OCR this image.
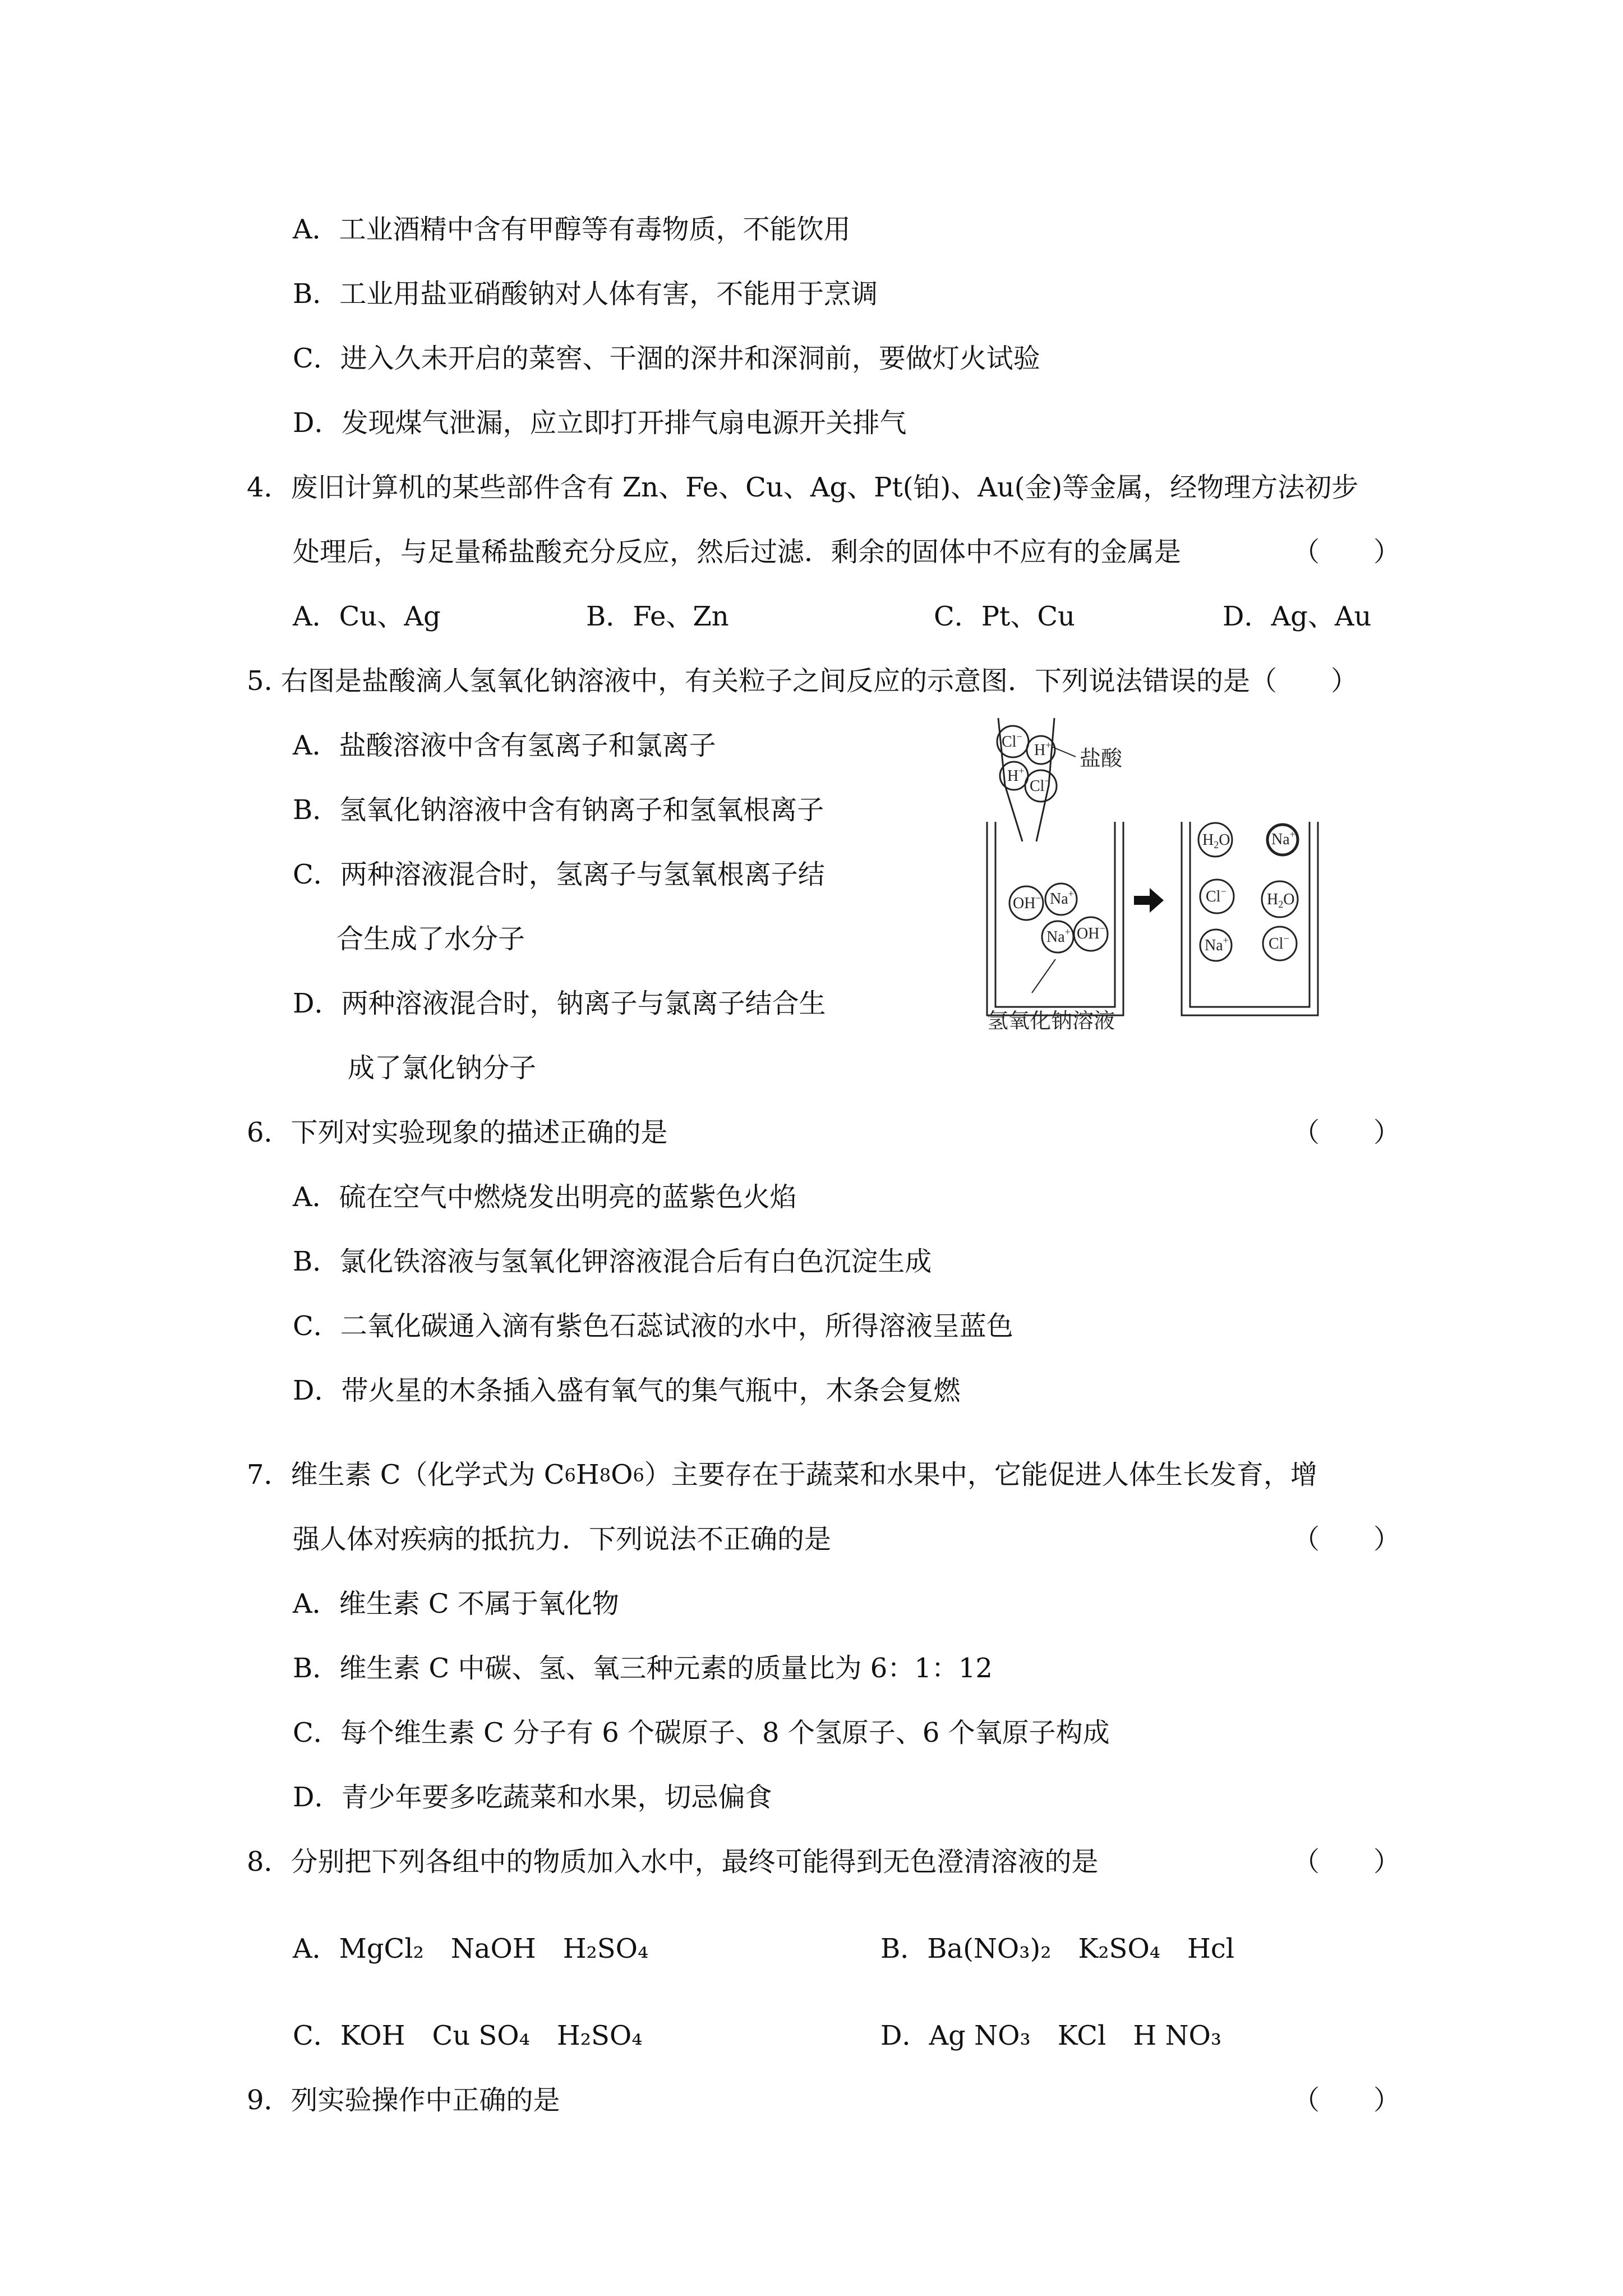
A．工业酒精中含有甲醇等有毒物质，不能饮用
B．工业用盐亚硝酸钠对人体有害，不能用于烹调
C．进入久未开启的菜窖、干涸的深井和深洞前，要做灯火试验
D．发现煤气泄漏，应立即打开排气扇电源开关排气
4．废旧计算机的某些部件含有 Zn、Fe、Cu、Ag、Pt(铂)、Au(金)等金属，经物理方法初步
处理后，与足量稀盐酸充分反应，然后过滤．剩余的固体中不应有的金属是	（　　）
A．Cu、Ag	B．Fe、Zn	C．Pt、Cu	D．Ag、Au
5. 右图是盐酸滴人氢氧化钠溶液中，有关粒子之间反应的示意图．下列说法错误的是（　　）
A．盐酸溶液中含有氢离子和氯离子
B．氢氧化钠溶液中含有钠离子和氢氧根离子
C．两种溶液混合时，氢离子与氢氧根离子结
合生成了水分子
D．两种溶液混合时，钠离子与氯离子结合生
成了氯化钠分子
Cl−
H+
H+
Cl−
OH− Na+
Na+ OH−
$H_2O$	Na+
Cl−	$H_2O$
Na+	Cl−
盐酸
氢氧化钠溶液
6．下列对实验现象的描述正确的是	（　　）
A．硫在空气中燃烧发出明亮的蓝紫色火焰
B．氯化铁溶液与氢氧化钾溶液混合后有白色沉淀生成
C．二氧化碳通入滴有紫色石蕊试液的水中，所得溶液呈蓝色
D．带火星的木条插入盛有氧气的集气瓶中，木条会复燃
7．维生素 C（化学式为 C6H8O6）主要存在于蔬菜和水果中，它能促进人体生长发育，增
强人体对疾病的抵抗力．下列说法不正确的是	（　　）
A．维生素 C 不属于氧化物
B．维生素 C 中碳、氢、氧三种元素的质量比为 6：1：12
C．每个维生素 C 分子有 6 个碳原子、8 个氢原子、6 个氧原子构成
D．青少年要多吃蔬菜和水果，切忌偏食
8．分别把下列各组中的物质加入水中，最终可能得到无色澄清溶液的是	（　　）
A．MgCl₂　NaOH　H₂SO₄	B．Ba(NO₃)₂　K₂SO₄　Hcl
C．KOH　Cu SO₄　H₂SO₄	D．Ag NO₃　KCl　H NO₃
9．列实验操作中正确的是	（　　）
